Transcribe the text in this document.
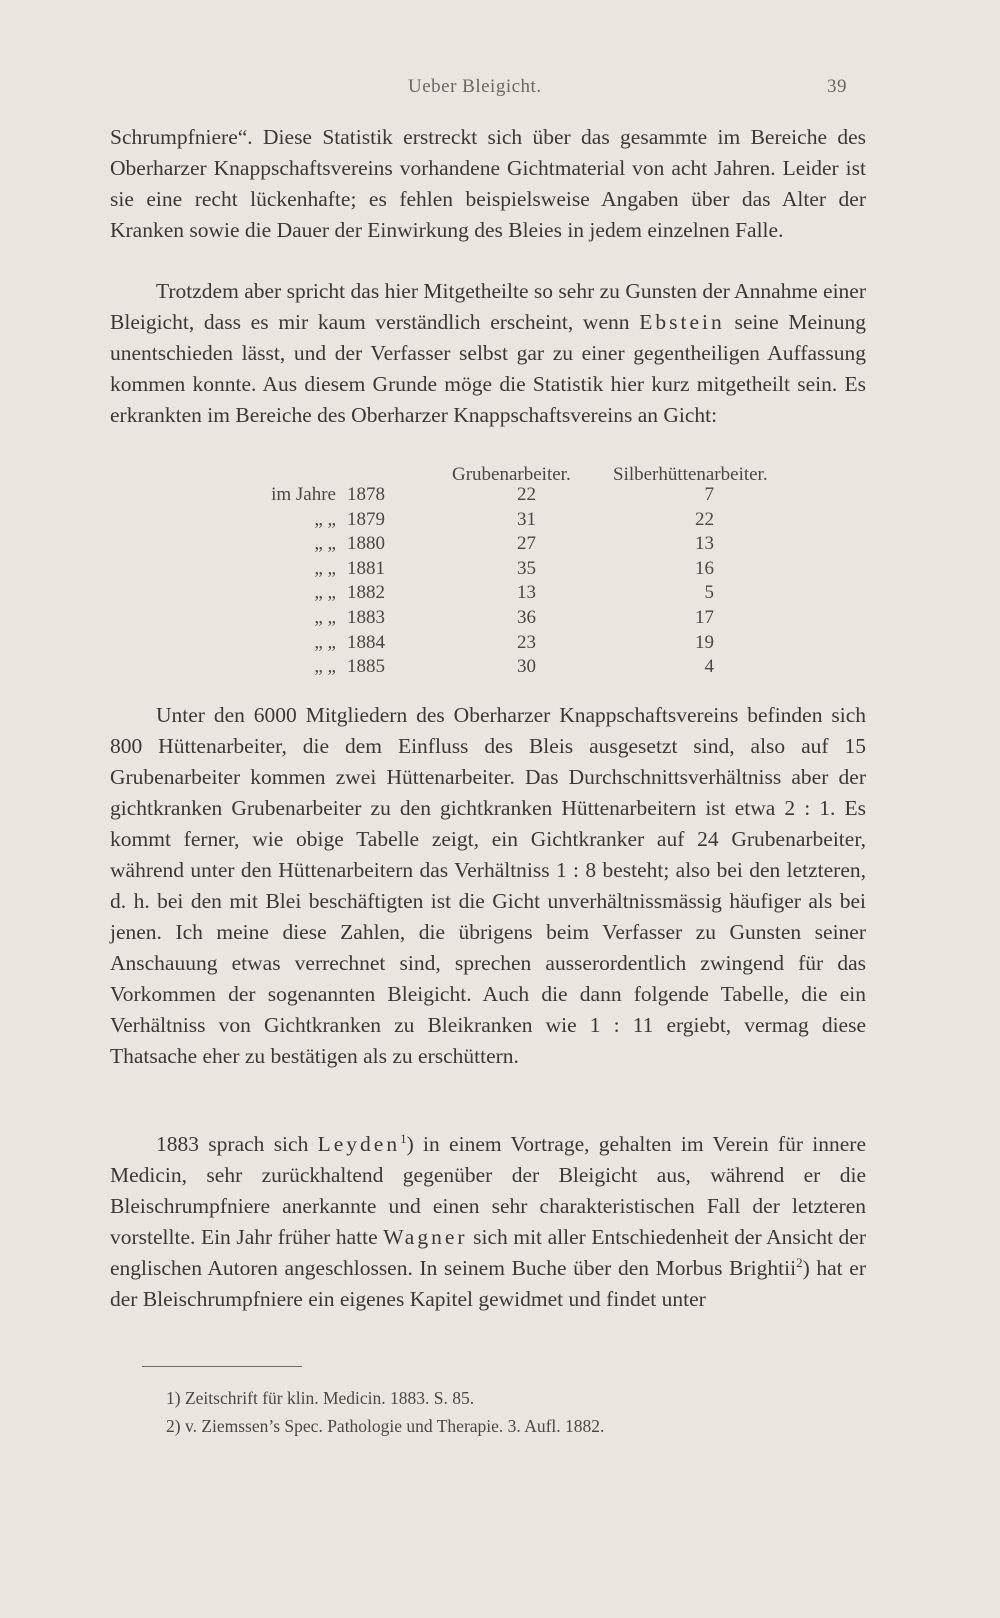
Ueber Bleigicht.	39

Schrumpfniere“. Diese Statistik erstreckt sich über das gesammte im Bereiche des Oberharzer Knappschaftsvereins vorhandene Gichtmaterial von acht Jahren. Leider ist sie eine recht lückenhafte; es fehlen beispielsweise Angaben über das Alter der Kranken sowie die Dauer der Einwirkung des Bleies in jedem einzelnen Falle.

Trotzdem aber spricht das hier Mitgetheilte so sehr zu Gunsten der Annahme einer Bleigicht, dass es mir kaum verständlich erscheint, wenn Ebstein seine Meinung unentschieden lässt, und der Verfasser selbst gar zu einer gegentheiligen Auffassung kommen konnte. Aus diesem Grunde möge die Statistik hier kurz mitgetheilt sein. Es erkrankten im Bereiche des Oberharzer Knappschaftsvereins an Gicht:

Grubenarbeiter. Silberhüttenarbeiter.
im Jahre 1878	22	7
„ „ 1879	31	22
„ „ 1880	27	13
„ „ 1881	35	16
„ „ 1882	13	5
„ „ 1883	36	17
„ „ 1884	23	19
„ „ 1885	30	4

Unter den 6000 Mitgliedern des Oberharzer Knappschaftsvereins befinden sich 800 Hüttenarbeiter, die dem Einfluss des Bleis ausgesetzt sind, also auf 15 Grubenarbeiter kommen zwei Hüttenarbeiter. Das Durchschnittsverhältniss aber der gichtkranken Grubenarbeiter zu den gichtkranken Hüttenarbeitern ist etwa 2 : 1. Es kommt ferner, wie obige Tabelle zeigt, ein Gichtkranker auf 24 Grubenarbeiter, während unter den Hüttenarbeitern das Verhältniss 1 : 8 besteht; also bei den letzteren, d. h. bei den mit Blei beschäftigten ist die Gicht unverhältnissmässig häufiger als bei jenen. Ich meine diese Zahlen, die übrigens beim Verfasser zu Gunsten seiner Anschauung etwas verrechnet sind, sprechen ausserordentlich zwingend für das Vorkommen der sogenannten Bleigicht. Auch die dann folgende Tabelle, die ein Verhältniss von Gichtkranken zu Bleikranken wie 1 : 11 ergiebt, vermag diese Thatsache eher zu bestätigen als zu erschüttern.

1883 sprach sich Leyden$^1$) in einem Vortrage, gehalten im Verein für innere Medicin, sehr zurückhaltend gegenüber der Bleigicht aus, während er die Bleischrumpfniere anerkannte und einen sehr charakteristischen Fall der letzteren vorstellte. Ein Jahr früher hatte Wagner sich mit aller Entschiedenheit der Ansicht der englischen Autoren angeschlossen. In seinem Buche über den Morbus Brightii$^2$) hat er der Bleischrumpfniere ein eigenes Kapitel gewidmet und findet unter

1) Zeitschrift für klin. Medicin. 1883. S. 85.
2) v. Ziemssen’s Spec. Pathologie und Therapie. 3. Aufl. 1882.
